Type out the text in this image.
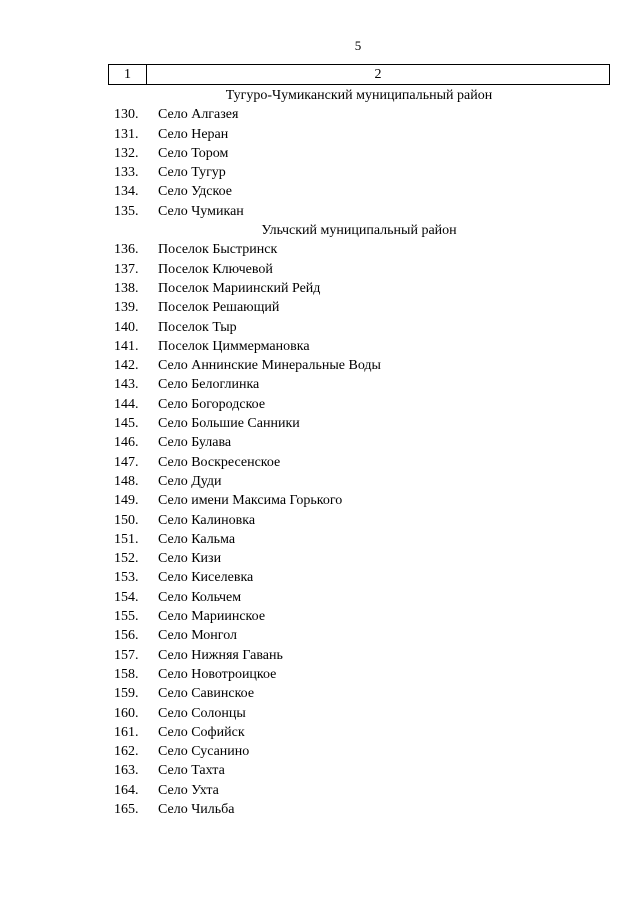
5
1	2
Тугуро-Чумиканский муниципальный район
130.	Село Алгазея
131.	Село Неран
132.	Село Тором
133.	Село Тугур
134.	Село Удское
135.	Село Чумикан
Ульчский муниципальный район
136.	Поселок Быстринск
137.	Поселок Ключевой
138.	Поселок Мариинский Рейд
139.	Поселок Решающий
140.	Поселок Тыр
141.	Поселок Циммермановка
142.	Село Аннинские Минеральные Воды
143.	Село Белоглинка
144.	Село Богородское
145.	Село Большие Санники
146.	Село Булава
147.	Село Воскресенское
148.	Село Дуди
149.	Село имени Максима Горького
150.	Село Калиновка
151.	Село Кальма
152.	Село Кизи
153.	Село Киселевка
154.	Село Кольчем
155.	Село Мариинское
156.	Село Монгол
157.	Село Нижняя Гавань
158.	Село Новотроицкое
159.	Село Савинское
160.	Село Солонцы
161.	Село Софийск
162.	Село Сусанино
163.	Село Тахта
164.	Село Ухта
165.	Село Чильба
